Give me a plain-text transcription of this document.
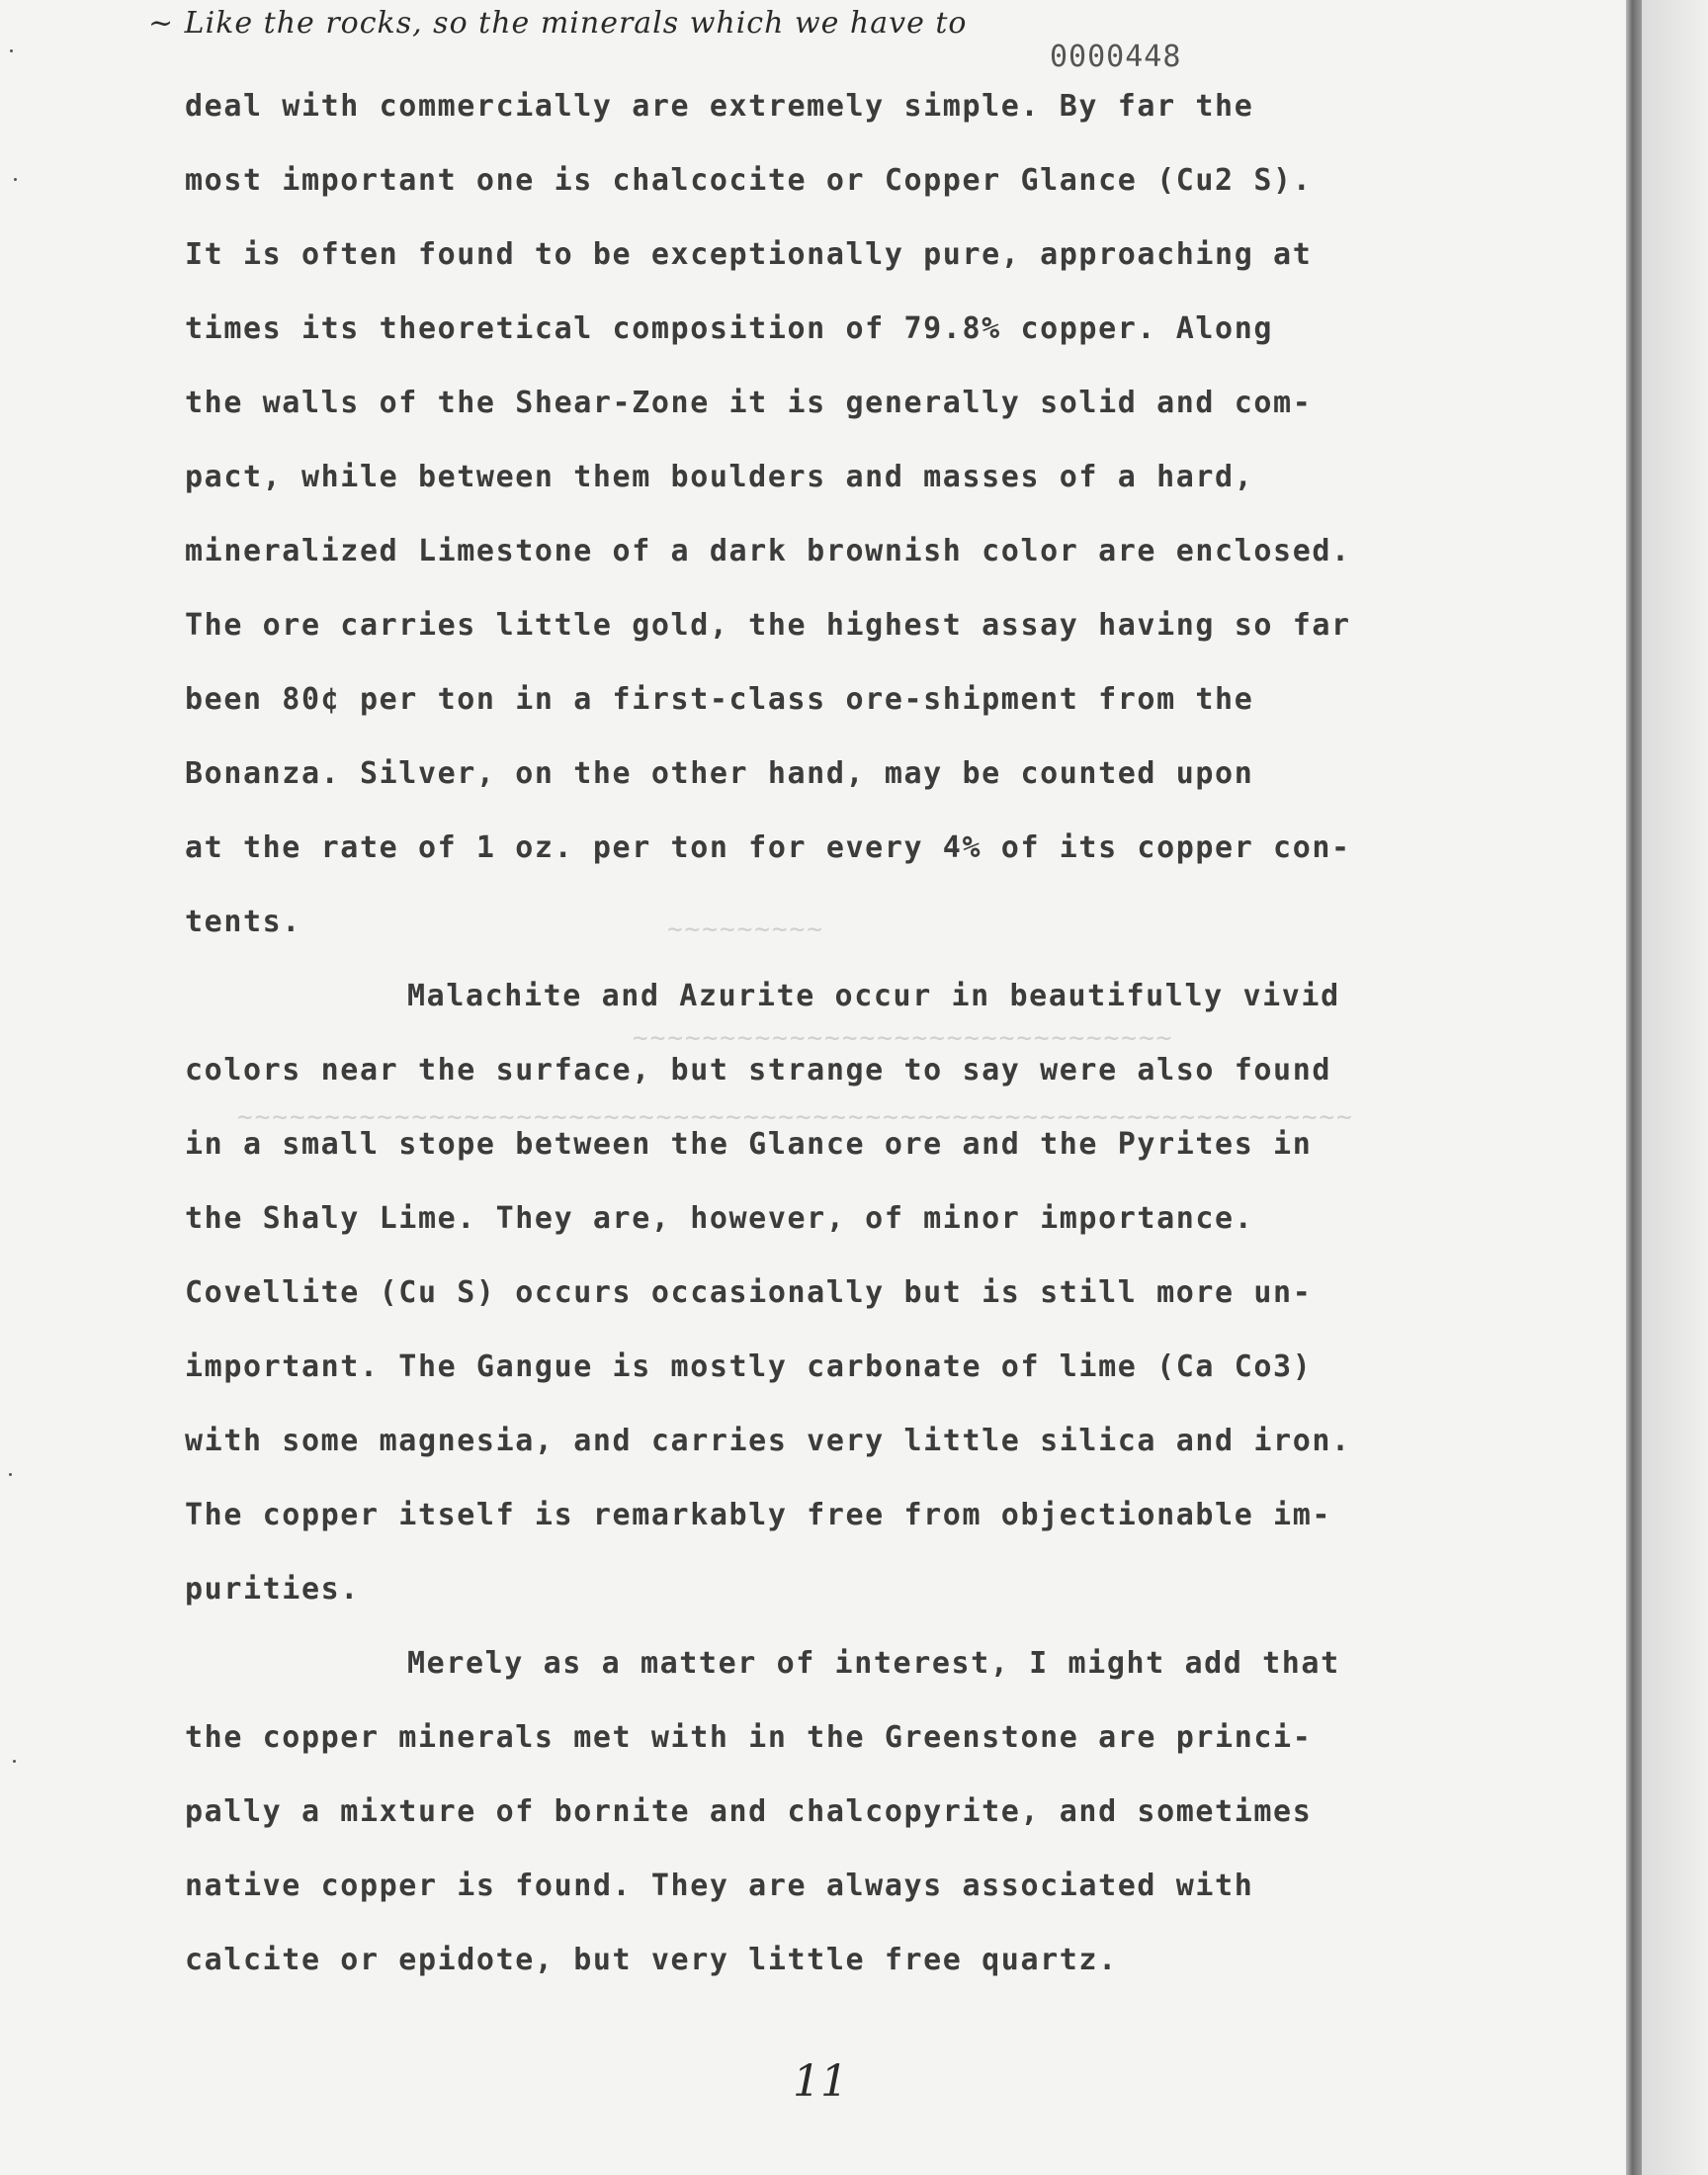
~~~~~~~~~
~~~~~~~~~~~~~~~~~~~~~~~~~~~~~~~
~~~~~~~~~~~~~~~~~~~~~~~~~~~~~~~~~~~~~~~~~~~~~~~~~~~~~~~~~~~~~~~~
~ Like the rocks, so the minerals which we have to
0000448
deal with commercially are extremely simple. By far the
most important one is chalcocite or Copper Glance (Cu2 S).
It is often found to be exceptionally pure, approaching at
times its theoretical composition of 79.8% copper. Along
the walls of the Shear-Zone it is generally solid and com-
pact, while between them boulders and masses of a hard,
mineralized Limestone of a dark brownish color are enclosed.
The ore carries little gold, the highest assay having so far
been 80¢ per ton in a first-class ore-shipment from the
Bonanza. Silver, on the other hand, may be counted upon
at the rate of 1 oz. per ton for every 4% of its copper con-
tents.
Malachite and Azurite occur in beautifully vivid
colors near the surface, but strange to say were also found
in a small stope between the Glance ore and the Pyrites in
the Shaly Lime. They are, however, of minor importance.
Covellite (Cu S) occurs occasionally but is still more un-
important. The Gangue is mostly carbonate of lime (Ca Co3)
with some magnesia, and carries very little silica and iron.
The copper itself is remarkably free from objectionable im-
purities.
Merely as a matter of interest, I might add that
the copper minerals met with in the Greenstone are princi-
pally a mixture of bornite and chalcopyrite, and sometimes
native copper is found. They are always associated with
calcite or epidote, but very little free quartz.
11
